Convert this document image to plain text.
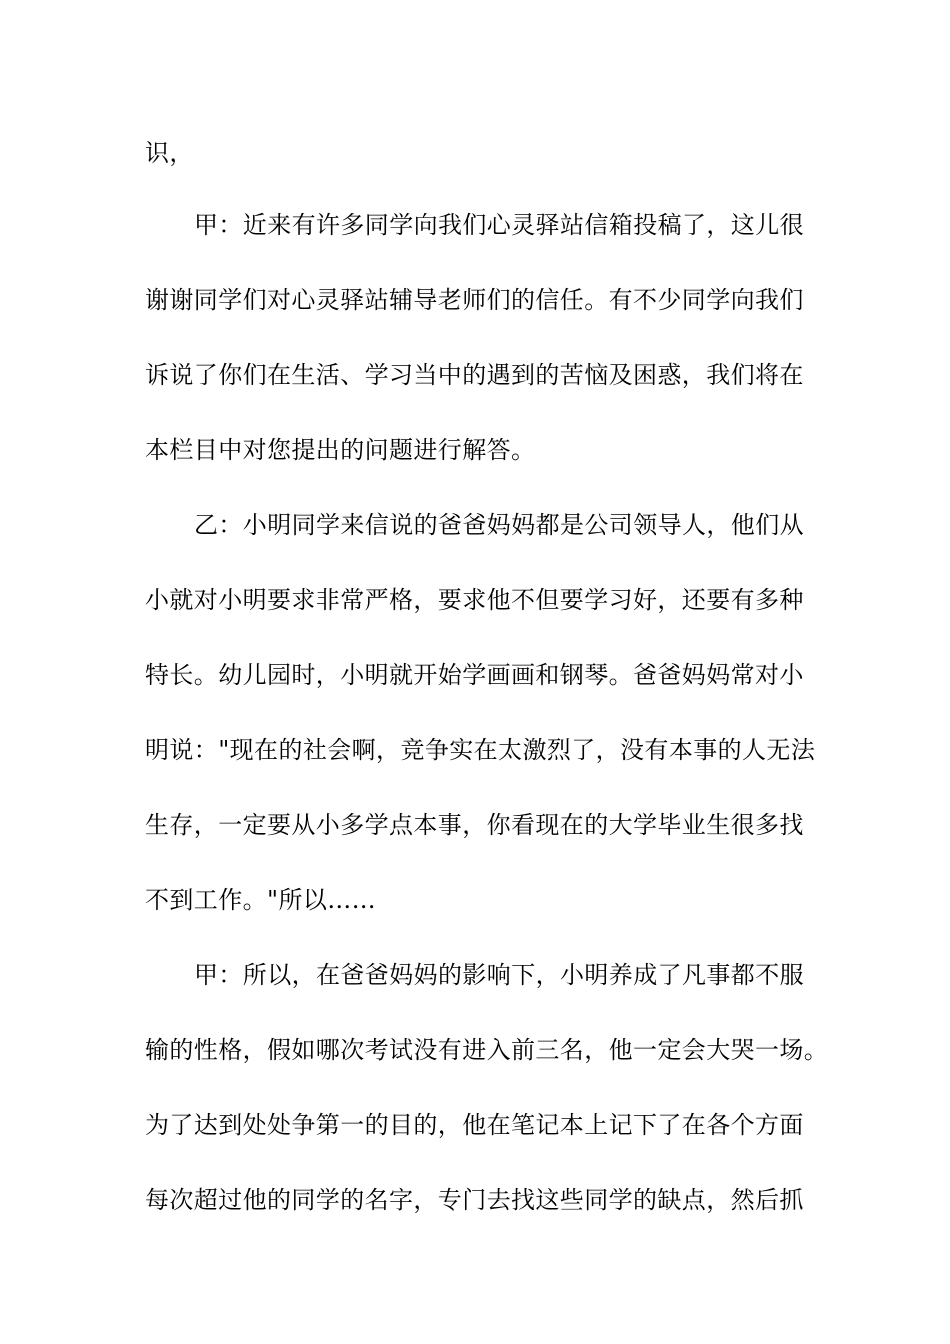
识，

甲：近来有许多同学向我们心灵驿站信箱投稿了，这儿很

谢谢同学们对心灵驿站辅导老师们的信任。有不少同学向我们

诉说了你们在生活、学习当中的遇到的苦恼及困惑，我们将在

本栏目中对您提出的问题进行解答。

乙：小明同学来信说的爸爸妈妈都是公司领导人，他们从

小就对小明要求非常严格，要求他不但要学习好，还要有多种

特长。幼儿园时，小明就开始学画画和钢琴。爸爸妈妈常对小

明说："现在的社会啊，竞争实在太激烈了，没有本事的人无法

生存，一定要从小多学点本事，你看现在的大学毕业生很多找

不到工作。"所以……

甲：所以，在爸爸妈妈的影响下，小明养成了凡事都不服

输的性格，假如哪次考试没有进入前三名，他一定会大哭一场。

为了达到处处争第一的目的，他在笔记本上记下了在各个方面

每次超过他的同学的名字，专门去找这些同学的缺点，然后抓
